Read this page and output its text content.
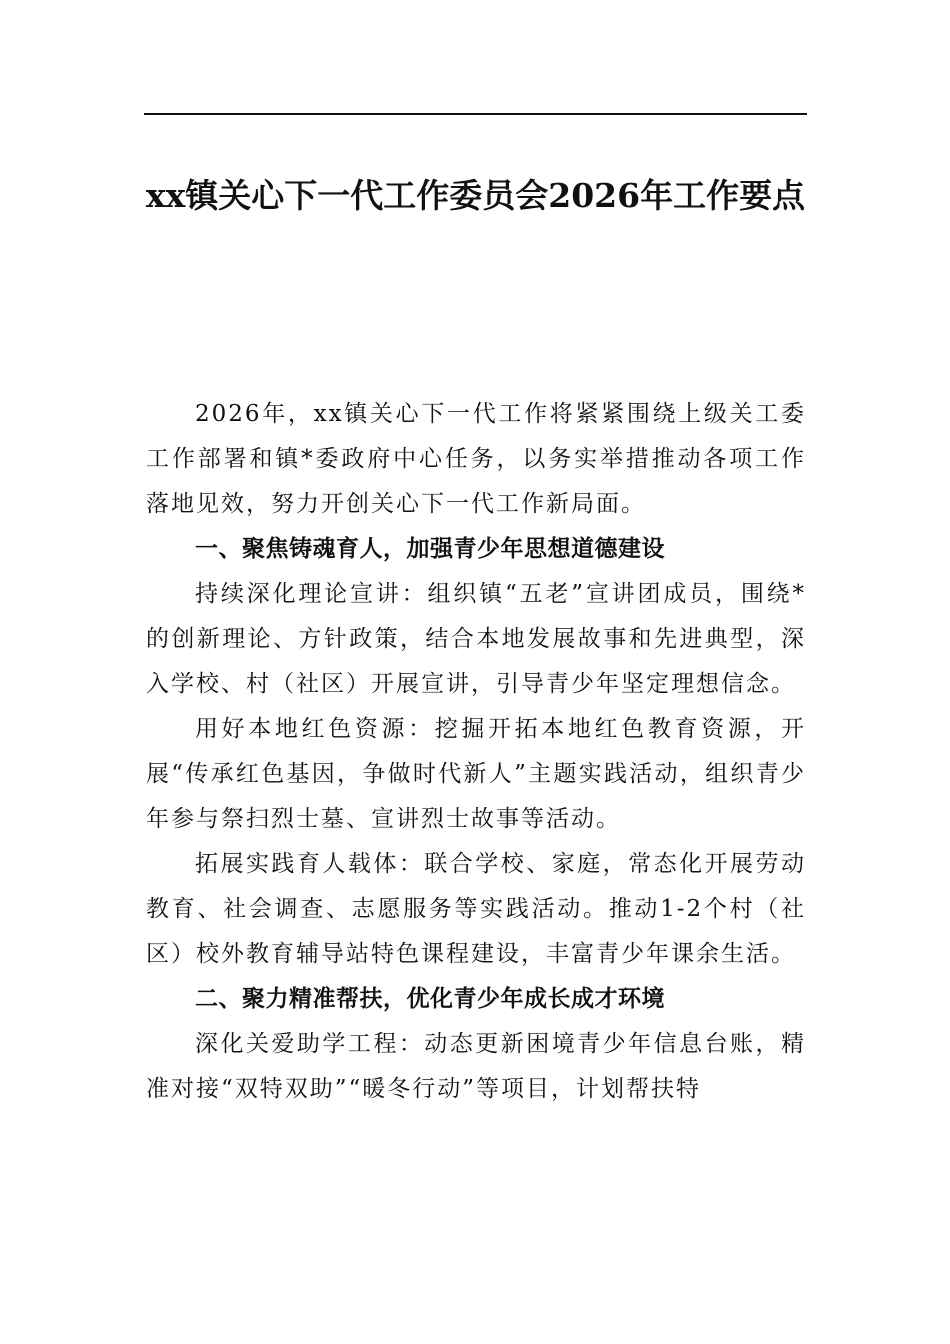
xx镇关心下一代工作委员会2026年工作要点

2026年，xx镇关心下一代工作将紧紧围绕上级关工委工作部署和镇*委政府中心任务，以务实举措推动各项工作落地见效，努力开创关心下一代工作新局面。

一、聚焦铸魂育人，加强青少年思想道德建设

持续深化理论宣讲：组织镇“五老”宣讲团成员，围绕*的创新理论、方针政策，结合本地发展故事和先进典型，深入学校、村（社区）开展宣讲，引导青少年坚定理想信念。

用好本地红色资源：挖掘开拓本地红色教育资源，开展“传承红色基因，争做时代新人”主题实践活动，组织青少年参与祭扫烈士墓、宣讲烈士故事等活动。

拓展实践育人载体：联合学校、家庭，常态化开展劳动教育、社会调查、志愿服务等实践活动。推动1-2个村（社区）校外教育辅导站特色课程建设，丰富青少年课余生活。

二、聚力精准帮扶，优化青少年成长成才环境

深化关爱助学工程：动态更新困境青少年信息台账，精准对接“双特双助”“暖冬行动”等项目，计划帮扶特
